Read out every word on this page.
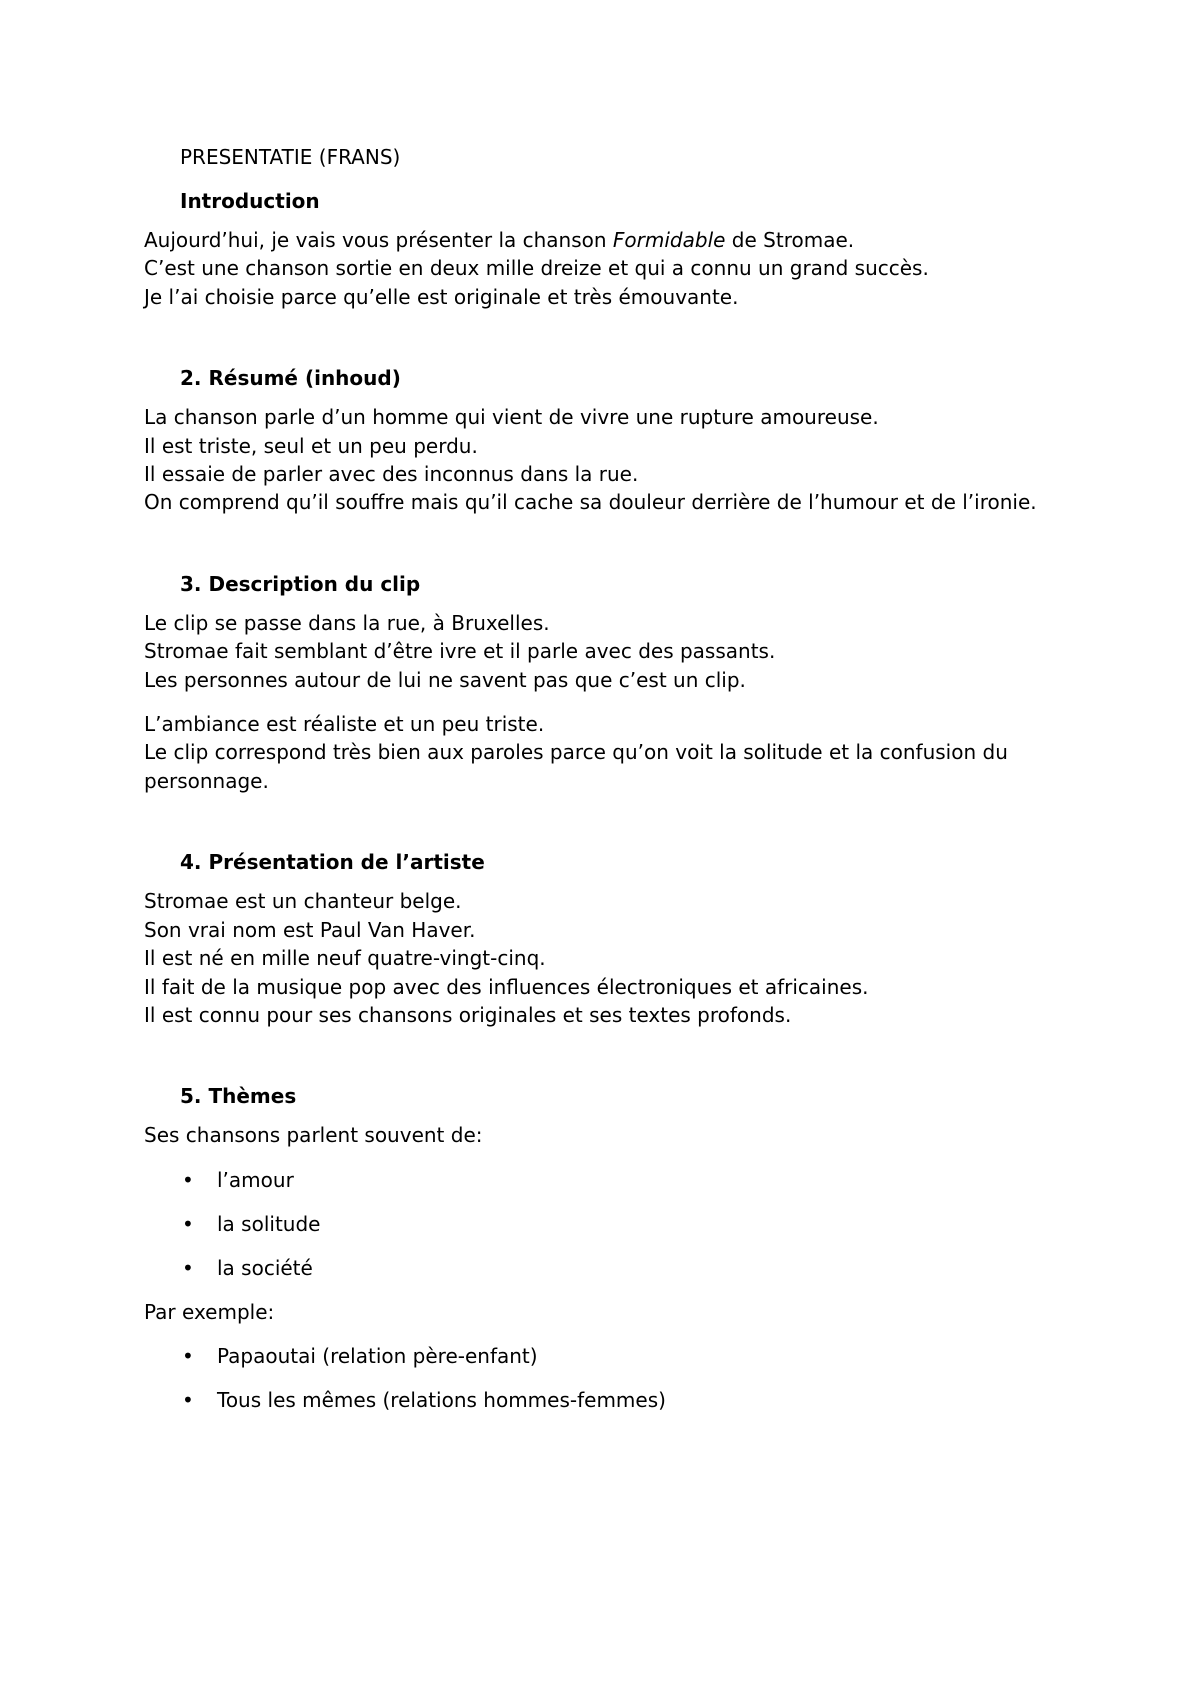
PRESENTATIE (FRANS)
Introduction

Aujourd’hui, je vais vous présenter la chanson Formidable de Stromae.
C’est une chanson sortie en deux mille dreize et qui a connu un grand succès.
Je l’ai choisie parce qu’elle est originale et très émouvante.

2. Résumé (inhoud)

La chanson parle d’un homme qui vient de vivre une rupture amoureuse.
Il est triste, seul et un peu perdu.
Il essaie de parler avec des inconnus dans la rue.
On comprend qu’il souffre mais qu’il cache sa douleur derrière de l’humour et de l’ironie.

3. Description du clip

Le clip se passe dans la rue, à Bruxelles.
Stromae fait semblant d’être ivre et il parle avec des passants.
Les personnes autour de lui ne savent pas que c’est un clip.

L’ambiance est réaliste et un peu triste.
Le clip correspond très bien aux paroles parce qu’on voit la solitude et la confusion du personnage.

4. Présentation de l’artiste

Stromae est un chanteur belge.
Son vrai nom est Paul Van Haver.
Il est né en mille neuf quatre-vingt-cinq.
Il fait de la musique pop avec des influences électroniques et africaines.
Il est connu pour ses chansons originales et ses textes profonds.

5. Thèmes

Ses chansons parlent souvent de:

• l’amour
• la solitude
• la société

Par exemple:

• Papaoutai (relation père-enfant)
• Tous les mêmes (relations hommes-femmes)
